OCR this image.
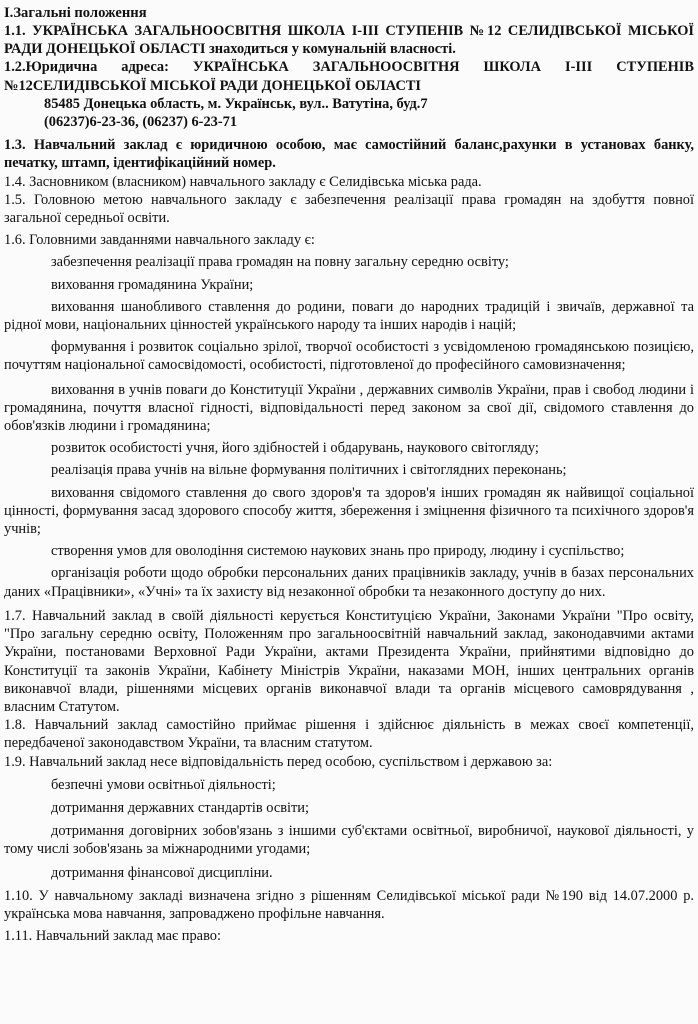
I.Загальні положення

1.1. УКРАЇНСЬКА ЗАГАЛЬНООСВІТНЯ ШКОЛА І-ІІІ СТУПЕНІВ №12 СЕЛИДІВСЬКОЇ МІСЬКОЇ РАДИ ДОНЕЦЬКОЇ ОБЛАСТІ знаходиться у комунальній власності.

1.2.Юридична адреса: УКРАЇНСЬКА ЗАГАЛЬНООСВІТНЯ ШКОЛА І-ІІІ СТУПЕНІВ №12СЕЛИДІВСЬКОЇ МІСЬКОЇ РАДИ ДОНЕЦЬКОЇ ОБЛАСТІ

85485 Донецька область, м. Українськ, вул.. Ватутіна, буд.7

(06237)6-23-36, (06237) 6-23-71

1.3. Навчальний заклад є юридичною особою, має самостійний баланс,рахунки в установах банку, печатку, штамп, ідентифікаційний номер.

1.4. Засновником (власником) навчального закладу є Селидівська міська рада.

1.5. Головною метою навчального закладу є забезпечення реалізації права громадян на здобуття повної загальної середньої освіти.

1.6. Головними завданнями навчального закладу є:

забезпечення реалізації права громадян на повну загальну середню освіту;

виховання громадянина України;

виховання шанобливого ставлення до родини, поваги до народних традицій і звичаїв, державної та рідної мови, національних цінностей українського народу та інших народів і націй;

формування і розвиток соціально зрілої, творчої особистості з усвідомленою громадянською позицією, почуттям національної самосвідомості, особистості, підготовленої до професійного самовизначення;

виховання в учнів поваги до Конституції України , державних символів України, прав і свобод людини і громадянина, почуття власної гідності, відповідальності перед законом за свої дії, свідомого ставлення до обов'язків людини і громадянина;

розвиток особистості учня, його здібностей і обдарувань, наукового світогляду;

реалізація права учнів на вільне формування політичних і світоглядних переконань;

виховання свідомого ставлення до свого здоров'я та здоров'я інших громадян як найвищої соціальної цінності, формування засад здорового способу життя, збереження і зміцнення фізичного та психічного здоров'я учнів;

створення умов для оволодіння системою наукових знань про природу, людину і суспільство;

організація роботи щодо обробки персональних даних працівників закладу, учнів в базах персональних даних «Працівники», «Учні» та їх захисту від незаконної обробки та незаконного доступу до них.

1.7. Навчальний заклад в своїй діяльності керується Конституцією України, Законами України "Про освіту, "Про загальну середню освіту, Положенням про загальноосвітній навчальний заклад, законодавчими актами України, постановами Верховної Ради України, актами Президента України, прийнятими відповідно до Конституції та законів України, Кабінету Міністрів України, наказами МОН, інших центральних органів виконавчої влади, рішеннями місцевих органів виконавчої влади та органів місцевого самоврядування , власним Статутом.

1.8. Навчальний заклад самостійно приймає рішення і здійснює діяльність в межах своєї компетенції, передбаченої законодавством України, та власним статутом.

1.9. Навчальний заклад несе відповідальність перед особою, суспільством і державою за:

безпечні умови освітньої діяльності;

дотримання державних стандартів освіти;

дотримання договірних зобов'язань з іншими суб'єктами освітньої, виробничої, наукової діяльності, у тому числі зобов'язань за міжнародними угодами;

дотримання фінансової дисципліни.

1.10. У навчальному закладі визначена згідно з рішенням Селидівської міської ради №190 від 14.07.2000 р. українська мова навчання, запроваджено профільне навчання.

1.11. Навчальний заклад має право:
